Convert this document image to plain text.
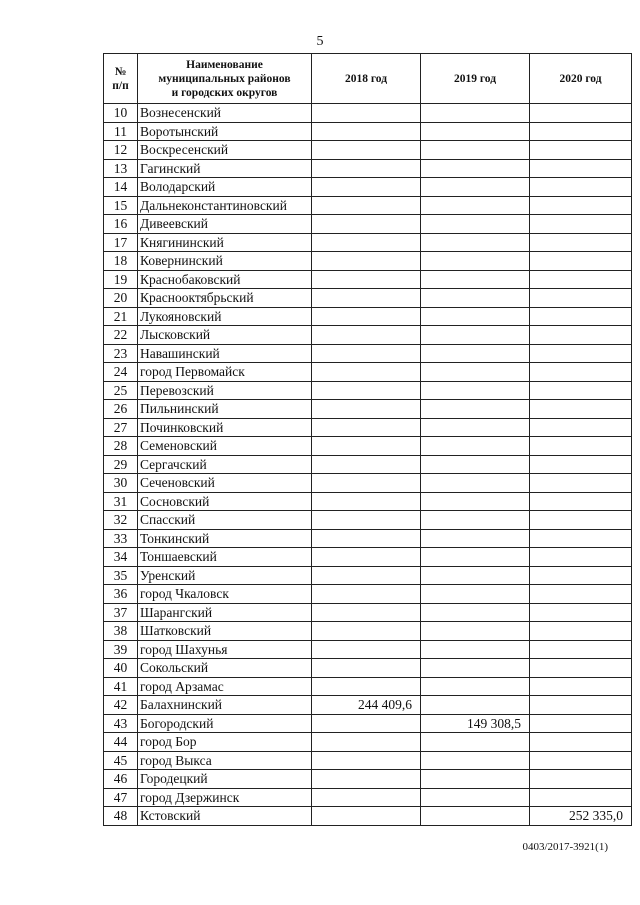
5
№
п/п	Наименование
муниципальных районов
и городских округов	2018 год	2019 год	2020 год
10	Вознесенский			
11	Воротынский			
12	Воскресенский			
13	Гагинский			
14	Володарский			
15	Дальнеконстантиновский			
16	Дивеевский			
17	Княгининский			
18	Ковернинский			
19	Краснобаковский			
20	Краснооктябрьский			
21	Лукояновский			
22	Лысковский			
23	Навашинский			
24	город Первомайск			
25	Перевозский			
26	Пильнинский			
27	Починковский			
28	Семеновский			
29	Сергачский			
30	Сеченовский			
31	Сосновский			
32	Спасский			
33	Тонкинский			
34	Тоншаевский			
35	Уренский			
36	город Чкаловск			
37	Шарангский			
38	Шатковский			
39	город Шахунья			
40	Сокольский			
41	город Арзамас			
42	Балахнинский	244 409,6		
43	Богородский		149 308,5	
44	город Бор			
45	город Выкса			
46	Городецкий			
47	город Дзержинск			
48	Кстовский			252 335,0
0403/2017-3921(1)
